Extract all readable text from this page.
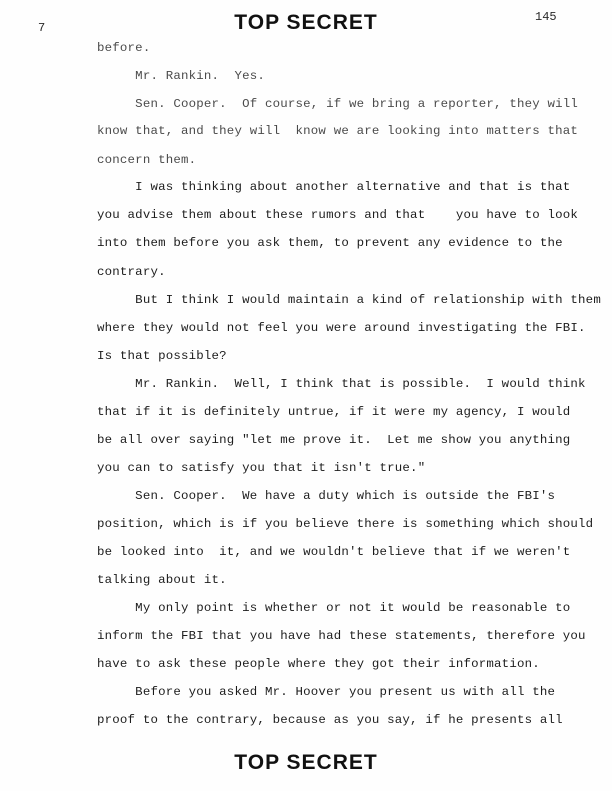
7
145
TOP SECRET
before.
Mr. Rankin.  Yes.
Sen. Cooper.  Of course, if we bring a reporter, they will
know that, and they will  know we are looking into matters that
concern them.
I was thinking about another alternative and that is that
you advise them about these rumors and that    you have to look
into them before you ask them, to prevent any evidence to the
contrary.
But I think I would maintain a kind of relationship with them
where they would not feel you were around investigating the FBI.
Is that possible?
Mr. Rankin.  Well, I think that is possible.  I would think
that if it is definitely untrue, if it were my agency, I would
be all over saying "let me prove it.  Let me show you anything
you can to satisfy you that it isn't true."
Sen. Cooper.  We have a duty which is outside the FBI's
position, which is if you believe there is something which should
be looked into  it, and we wouldn't believe that if we weren't
talking about it.
My only point is whether or not it would be reasonable to
inform the FBI that you have had these statements, therefore you
have to ask these people where they got their information.
Before you asked Mr. Hoover you present us with all the
proof to the contrary, because as you say, if he presents all
TOP SECRET
